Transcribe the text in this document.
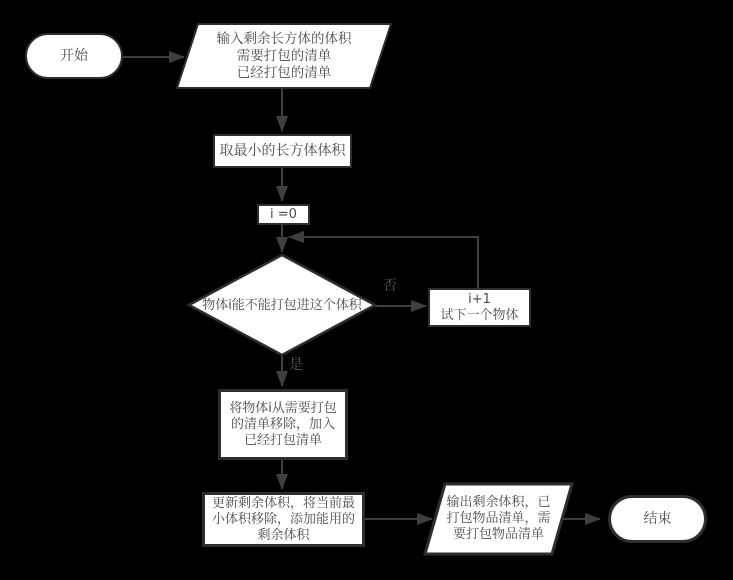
开始
输入剩余长方体的体积
需要打包的清单
已经打包的清单
取最小的长方体体积
i =0
物体i能不能打包进这个体积
否
i+1
试下一个物体
是
将物体i从需要打包
的清单移除，加入
已经打包清单
更新剩余体积，将当前最
小体积移除，添加能用的
剩余体积
输出剩余体积，已
打包物品清单，需
要打包物品清单
结束
